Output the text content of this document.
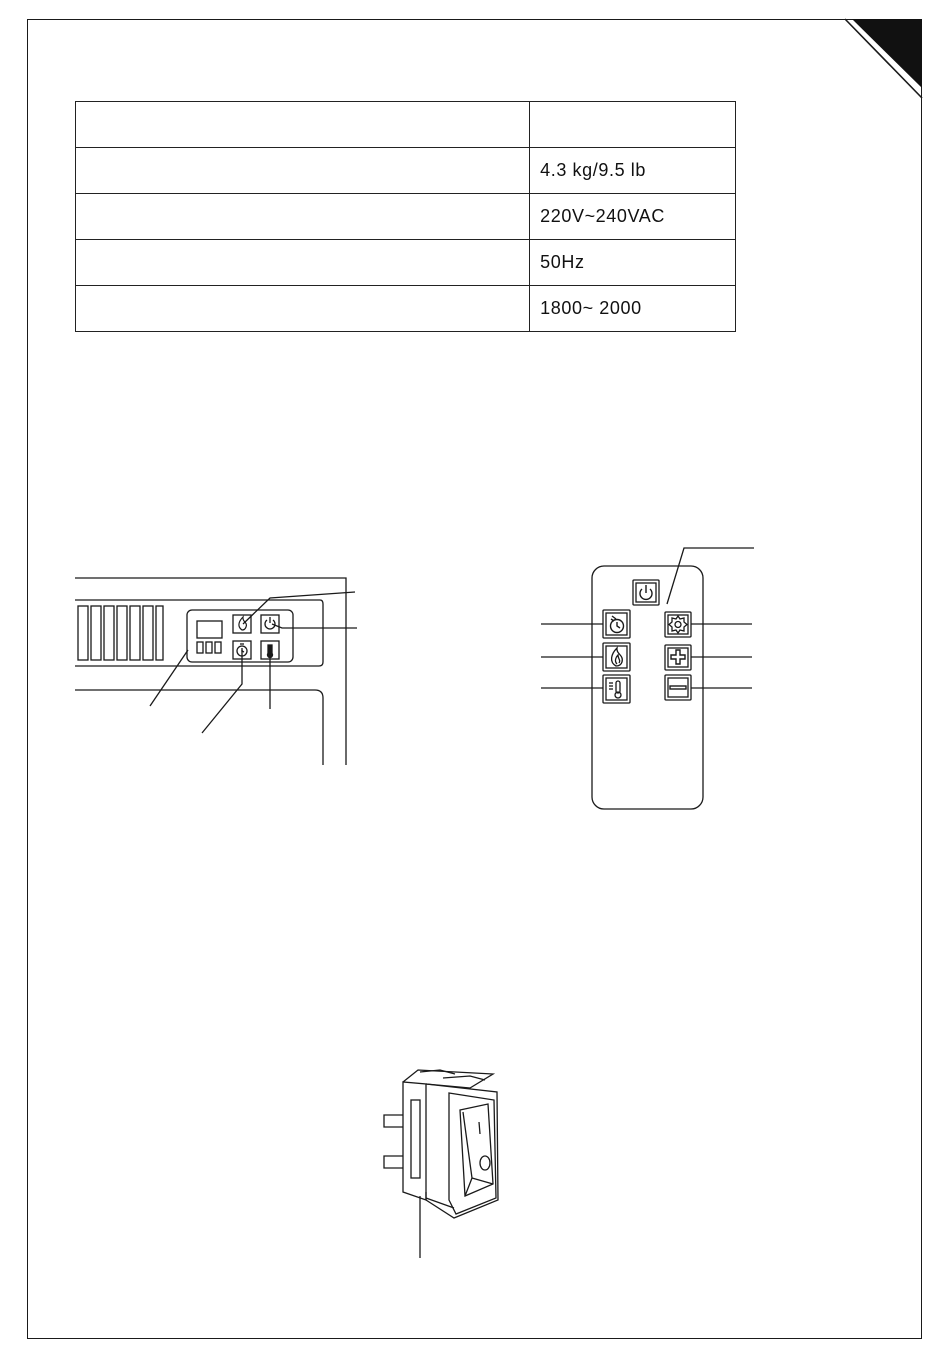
	4.3 kg/9.5 lb
	220V~240VAC
	50Hz
	1800~ 2000
